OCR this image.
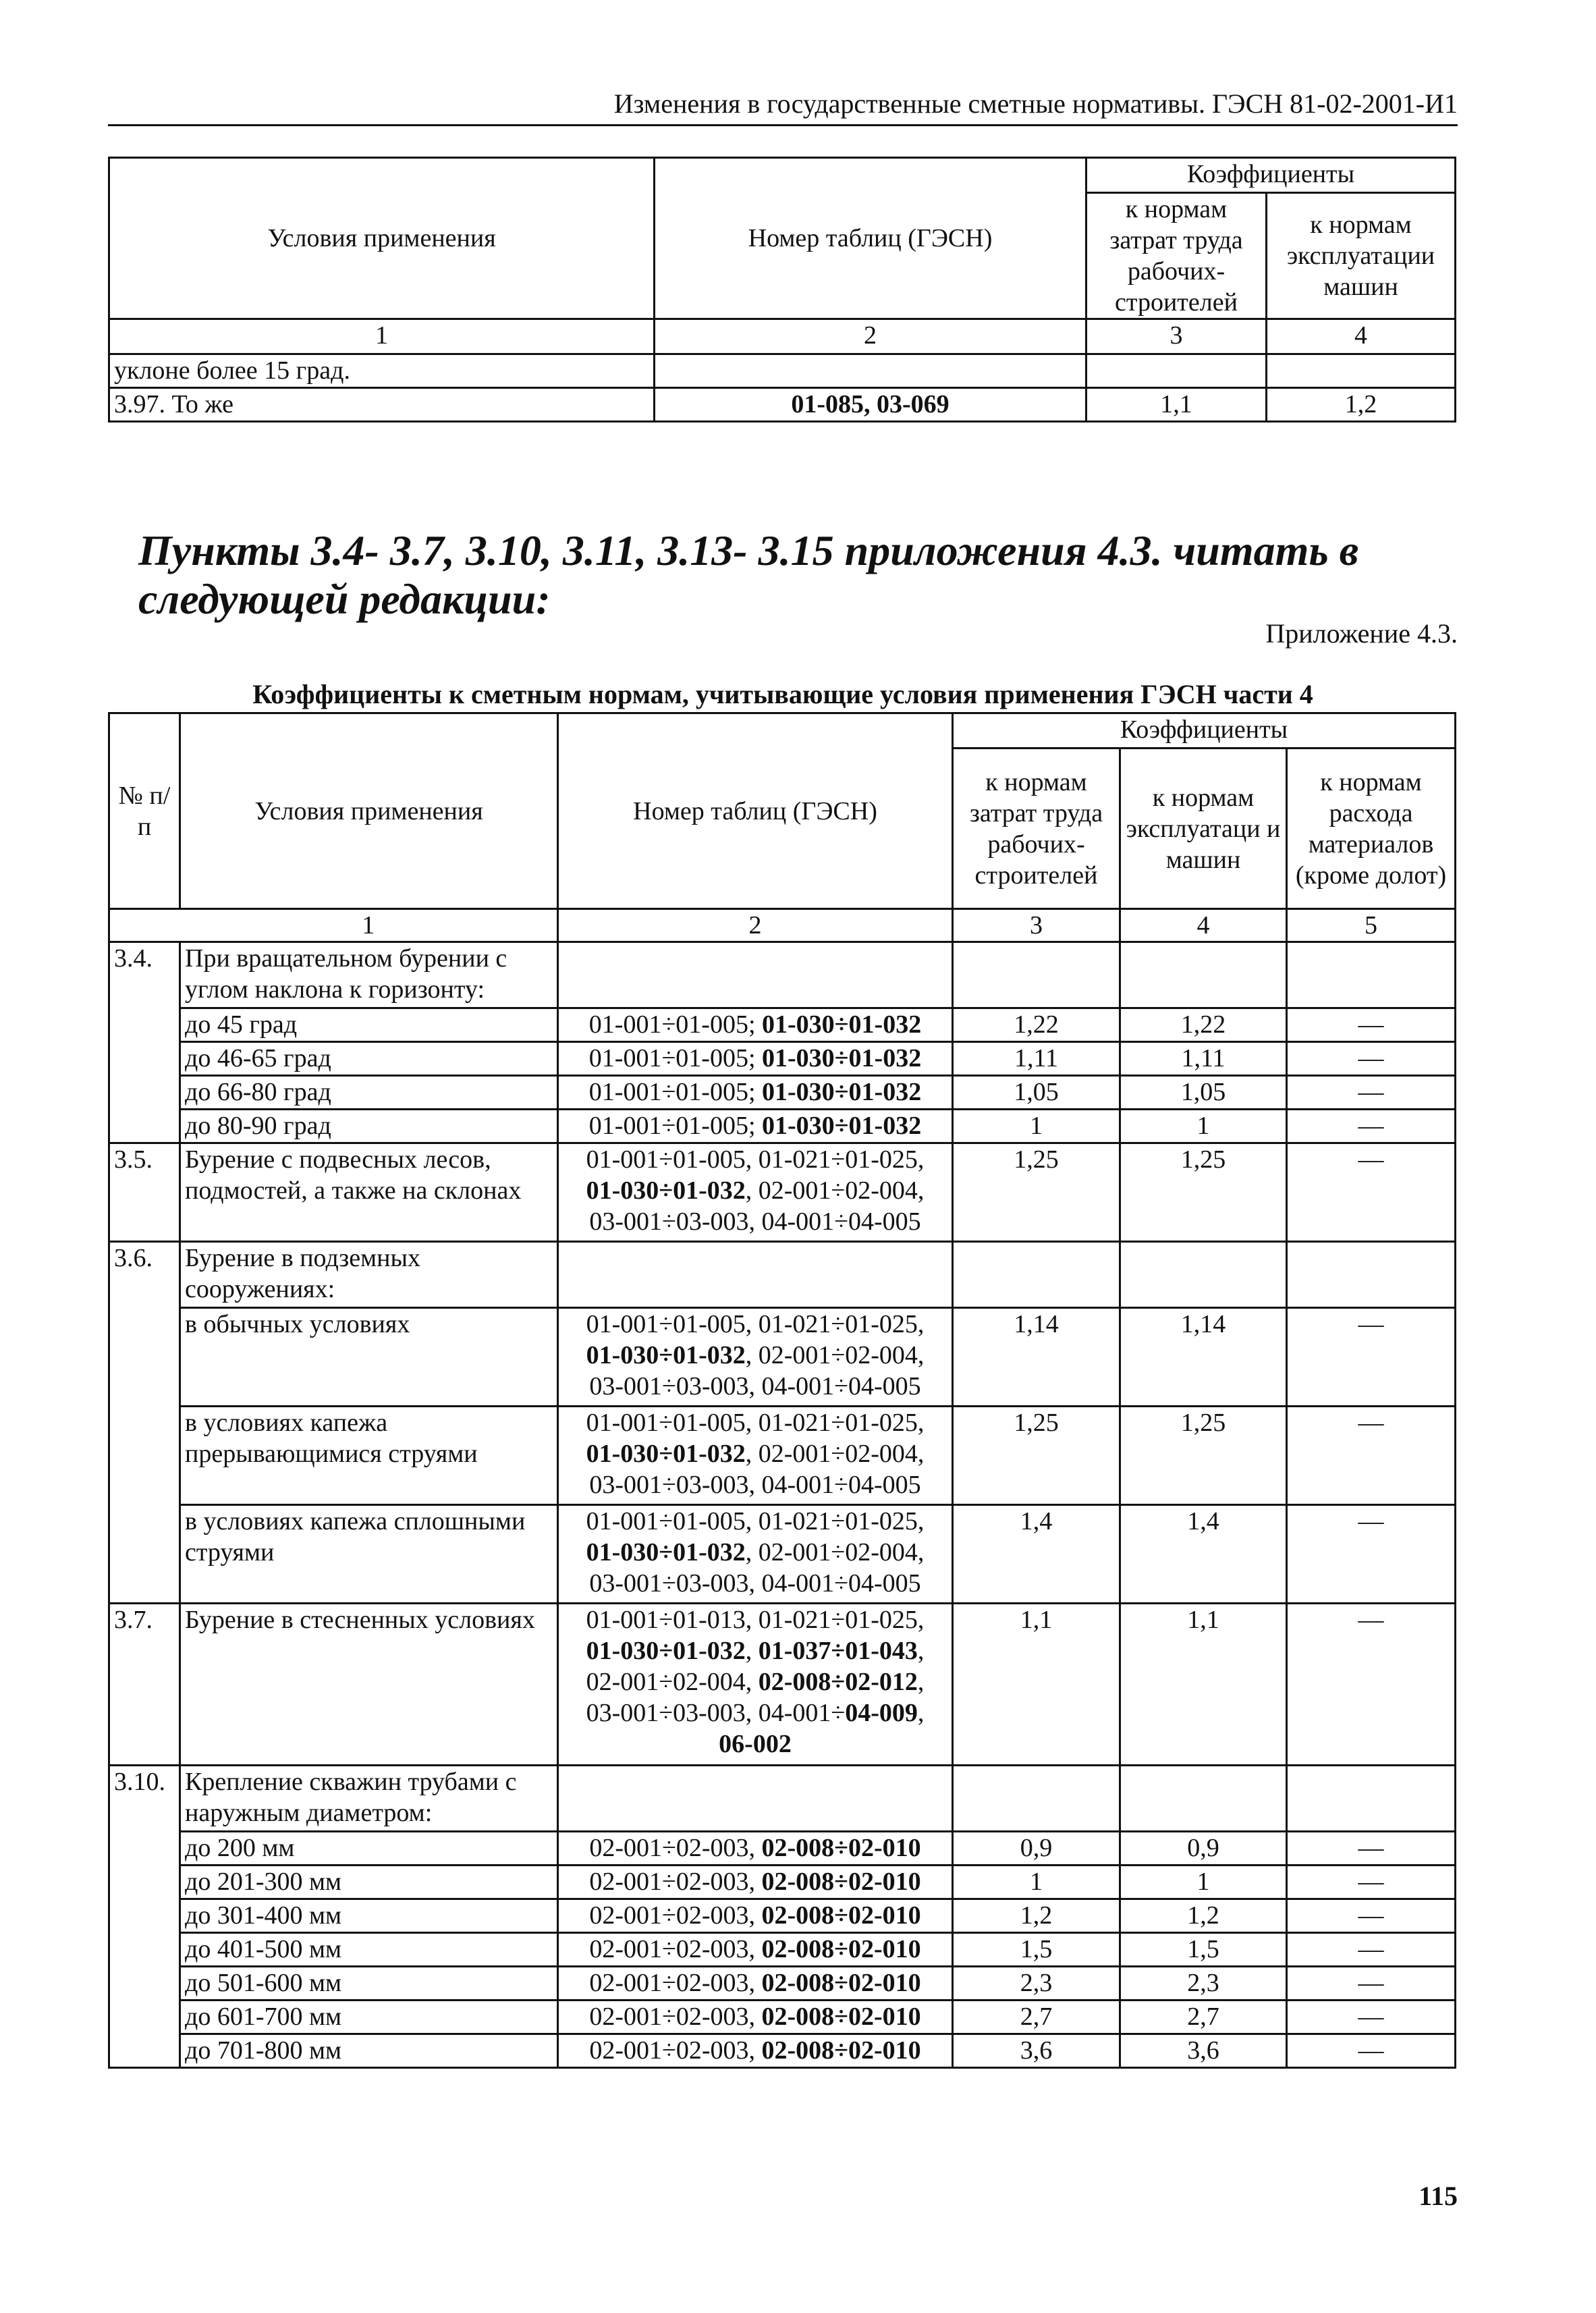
Изменения в государственные сметные нормативы. ГЭСН 81-02-2001-И1
Условия применения	Номер таблиц (ГЭСН)	Коэффициенты	
		к нормам затрат труда рабочих-строителей	к нормам эксплуатации машин
1	2	3	4
уклоне более 15 град.			
3.97. То же	01-085, 03-069	1,1	1,2
Пункты 3.4- 3.7, 3.10, 3.11, 3.13- 3.15 приложения 4.3. читать в следующей редакции:
Приложение 4.3.
Коэффициенты к сметным нормам, учитывающие условия применения ГЭСН части 4
№ п/п	Условия применения	Номер таблиц (ГЭСН)	Коэффициенты		
			к нормам затрат труда рабочих-строителей	к нормам эксплуатаци и машин	к нормам расхода материалов (кроме долот)
	1	2	3	4	5
3.4.	При вращательном бурении с углом наклона к горизонту:				
	до 45 град	01-001÷01-005; 01-030÷01-032	1,22	1,22	—
	до 46-65 град	01-001÷01-005; 01-030÷01-032	1,11	1,11	—
	до 66-80 град	01-001÷01-005; 01-030÷01-032	1,05	1,05	—
	до 80-90 град	01-001÷01-005; 01-030÷01-032	1	1	—
3.5.	Бурение с подвесных лесов, подмостей, а также на склонах	01-001÷01-005, 01-021÷01-025,
01-030÷01-032, 02-001÷02-004,
03-001÷03-003, 04-001÷04-005	1,25	1,25	—
3.6.	Бурение в подземных сооружениях:				
	в обычных условиях	01-001÷01-005, 01-021÷01-025,
01-030÷01-032, 02-001÷02-004,
03-001÷03-003, 04-001÷04-005	1,14	1,14	—
	в условиях капежа прерывающимися струями	01-001÷01-005, 01-021÷01-025,
01-030÷01-032, 02-001÷02-004,
03-001÷03-003, 04-001÷04-005	1,25	1,25	—
	в условиях капежа сплошными струями	01-001÷01-005, 01-021÷01-025,
01-030÷01-032, 02-001÷02-004,
03-001÷03-003, 04-001÷04-005	1,4	1,4	—
3.7.	Бурение в стесненных условиях	01-001÷01-013, 01-021÷01-025,
01-030÷01-032, 01-037÷01-043,
02-001÷02-004, 02-008÷02-012,
03-001÷03-003, 04-001÷04-009,
06-002	1,1	1,1	—
3.10.	Крепление скважин трубами с наружным диаметром:				
	до 200 мм	02-001÷02-003, 02-008÷02-010	0,9	0,9	—
	до 201-300 мм	02-001÷02-003, 02-008÷02-010	1	1	—
	до 301-400 мм	02-001÷02-003, 02-008÷02-010	1,2	1,2	—
	до 401-500 мм	02-001÷02-003, 02-008÷02-010	1,5	1,5	—
	до 501-600 мм	02-001÷02-003, 02-008÷02-010	2,3	2,3	—
	до 601-700 мм	02-001÷02-003, 02-008÷02-010	2,7	2,7	—
	до 701-800 мм	02-001÷02-003, 02-008÷02-010	3,6	3,6	—
115
